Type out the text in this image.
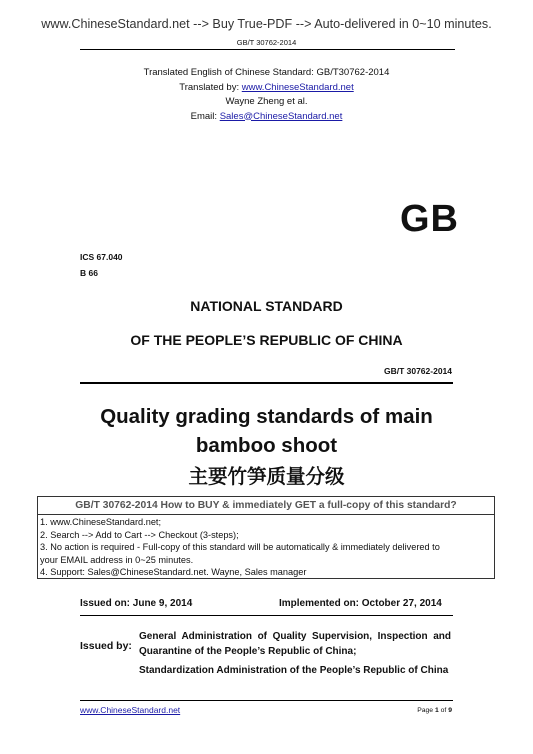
www.ChineseStandard.net --> Buy True-PDF --> Auto-delivered in 0~10 minutes.
GB/T 30762-2014
Translated English of Chinese Standard: GB/T30762-2014
Translated by: www.ChineseStandard.net
Wayne Zheng et al.
Email: Sales@ChineseStandard.net
GB
ICS 67.040
B 66
NATIONAL STANDARD
OF THE PEOPLE’S REPUBLIC OF CHINA
GB/T 30762-2014
Quality grading standards of main
bamboo shoot
主要竹笋质量分级
GB/T 30762-2014 How to BUY & immediately GET a full-copy of this standard?
1. www.ChineseStandard.net;
2. Search --> Add to Cart --> Checkout (3-steps);
3. No action is required - Full-copy of this standard will be automatically & immediately delivered to
your EMAIL address in 0~25 minutes.
4. Support: Sales@ChineseStandard.net. Wayne, Sales manager
Issued on: June 9, 2014	Implemented on: October 27, 2014
Issued by:
General Administration of Quality Supervision, Inspection and Quarantine of the People’s Republic of China;
Standardization Administration of the People’s Republic of China
www.ChineseStandard.net	Page 1 of 9
